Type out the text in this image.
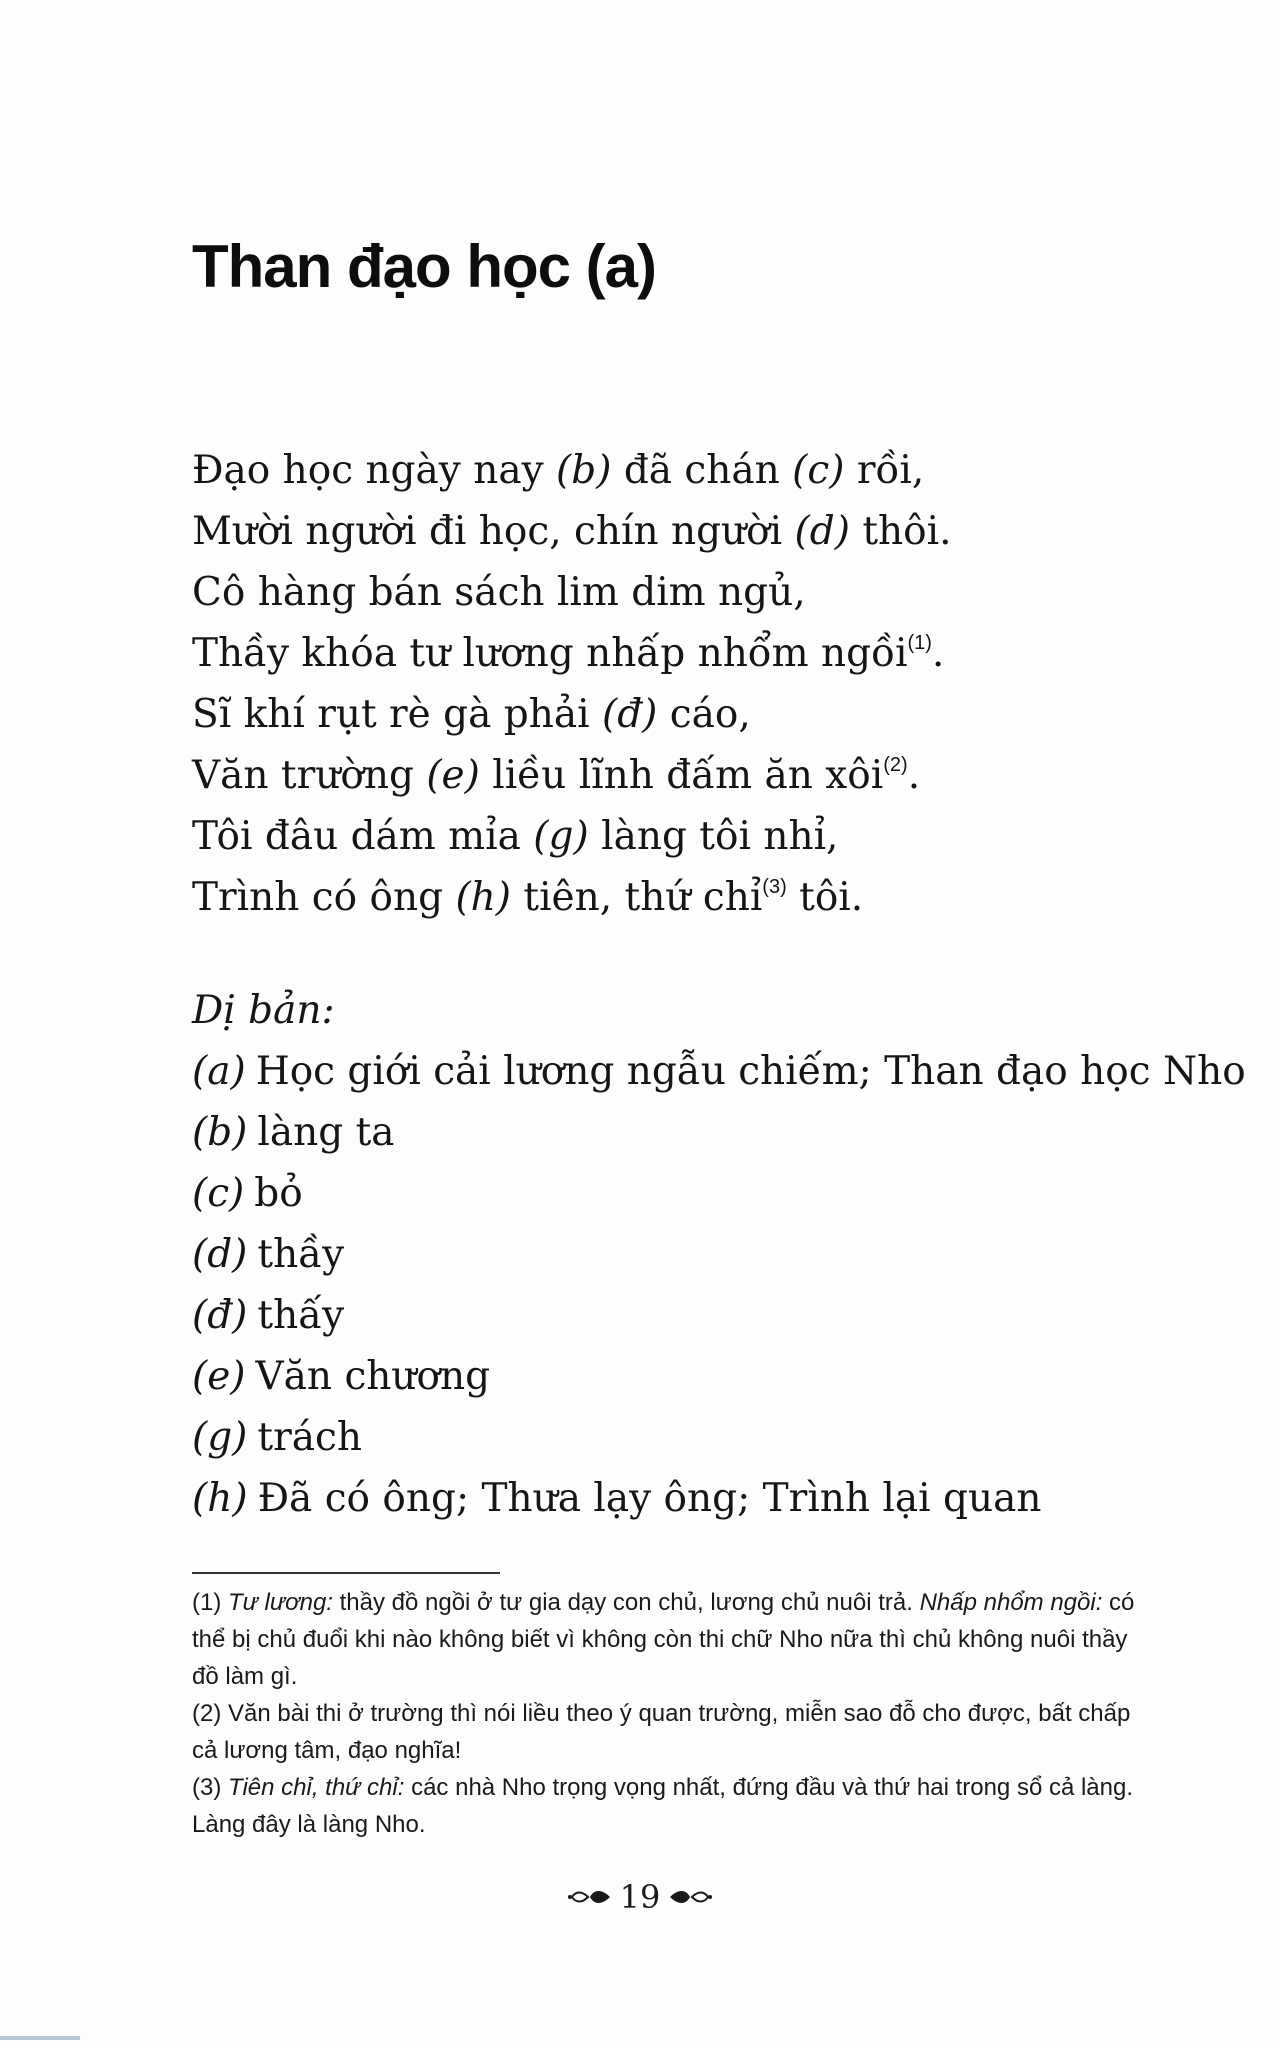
Than đạo học (a)
Đạo học ngày nay (b) đã chán (c) rồi,
Mười người đi học, chín người (d) thôi.
Cô hàng bán sách lim dim ngủ,
Thầy khóa tư lương nhấp nhổm ngồi$^{(1)}$.
Sĩ khí rụt rè gà phải (đ) cáo,
Văn trường (e) liều lĩnh đấm ăn xôi$^{(2)}$.
Tôi đâu dám mỉa (g) làng tôi nhỉ,
Trình có ông (h) tiên, thứ chỉ$^{(3)}$ tôi.
Dị bản:
(a) Học giới cải lương ngẫu chiếm; Than đạo học Nho
(b) làng ta
(c) bỏ
(d) thầy
(đ) thấy
(e) Văn chương
(g) trách
(h) Đã có ông; Thưa lạy ông; Trình lại quan

(1) Tư lương: thầy đồ ngồi ở tư gia dạy con chủ, lương chủ nuôi trả. Nhấp nhổm ngồi: có thể bị chủ đuổi khi nào không biết vì không còn thi chữ Nho nữa thì chủ không nuôi thầy đồ làm gì.

(2) Văn bài thi ở trường thì nói liều theo ý quan trường, miễn sao đỗ cho được, bất chấp cả lương tâm, đạo nghĩa!

(3) Tiên chỉ, thứ chỉ: các nhà Nho trọng vọng nhất, đứng đầu và thứ hai trong sổ cả làng. Làng đây là làng Nho.

19
